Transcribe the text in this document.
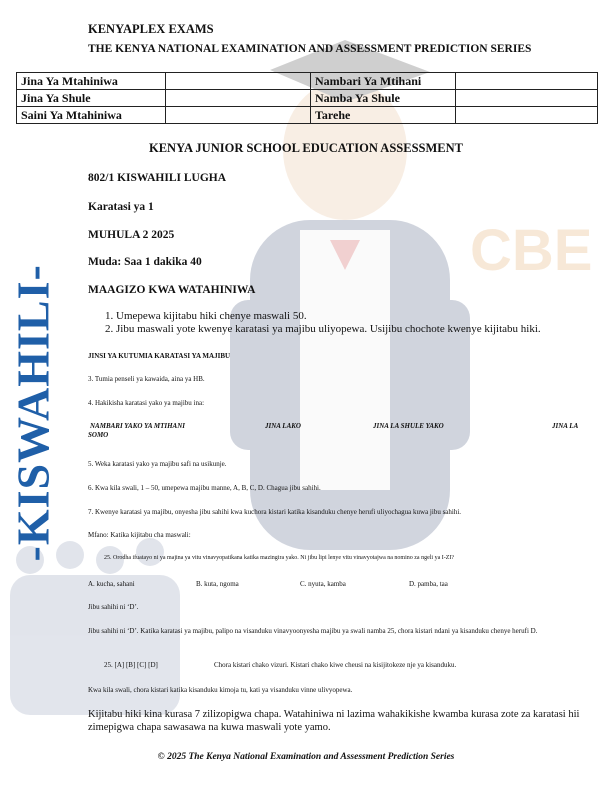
CBE
-KISWAHILI-
KENYAPLEX EXAMS
THE KENYA NATIONAL EXAMINATION AND ASSESSMENT PREDICTION SERIES
Jina Ya Mtahiniwa		Nambari Ya Mtihani	
Jina Ya Shule		Namba Ya Shule	
Saini Ya Mtahiniwa		Tarehe	
KENYA JUNIOR SCHOOL EDUCATION ASSESSMENT
802/1 KISWAHILI LUGHA
Karatasi ya 1
MUHULA 2 2025
Muda: Saa 1 dakika 40
MAAGIZO KWA WATAHINIWA
1. Umepewa kijitabu hiki chenye maswali 50.
2. Jibu maswali yote kwenye karatasi ya majibu uliyopewa. Usijibu chochote kwenye kijitabu hiki.
JINSI YA KUTUMIA KARATASI YA MAJIBU
3. Tumia penseli ya kawaida, aina ya HB.
4. Hakikisha karatasi yako ya majibu ina:
NAMBARI YAKO YA MTIHANI	JINA LAKO	JINA LA SHULE YAKO	JINA LA
SOMO
5. Weka karatasi yako ya majibu safi na usikunje.
6. Kwa kila swali, 1 – 50, umepewa majibu manne, A, B, C, D. Chagua jibu sahihi.
7. Kwenye karatasi ya majibu, onyesha jibu sahihi kwa kuchora kistari katika kisanduku chenye herufi uliyochagua kuwa jibu sahihi.
Mfano: Katika kijitabu cha maswali:
25. Orodha ifuatayo ni ya majina ya vitu vinavyopatikana katika mazingira yako. Ni jibu lipi lenye vitu vinavyotajwa na nomino za ngeli ya I-ZI?
A. kucha, sahani	B. kuta, ngoma	C. nyuta, kamba	D. pamba, taa
Jibu sahihi ni ‘D’.
Jibu sahihi ni ‘D’. Katika karatasi ya majibu, palipo na visanduku vinavyoonyesha majibu ya swali namba 25, chora kistari ndani ya kisanduku chenye herufi D.
25. [A] [B] [C] [D]	Chora kistari chako vizuri. Kistari chako kiwe cheusi na kisijitokeze nje ya kisanduku.
Kwa kila swali, chora kistari katika kisanduku kimoja tu, kati ya visanduku vinne ulivyopewa.
Kijitabu hiki kina kurasa 7 zilizopigwa chapa. Watahiniwa ni lazima wahakikishe kwamba kurasa zote za karatasi hii zimepigwa chapa sawasawa na kuwa maswali yote yamo.
© 2025 The Kenya National Examination and Assessment Prediction Series
